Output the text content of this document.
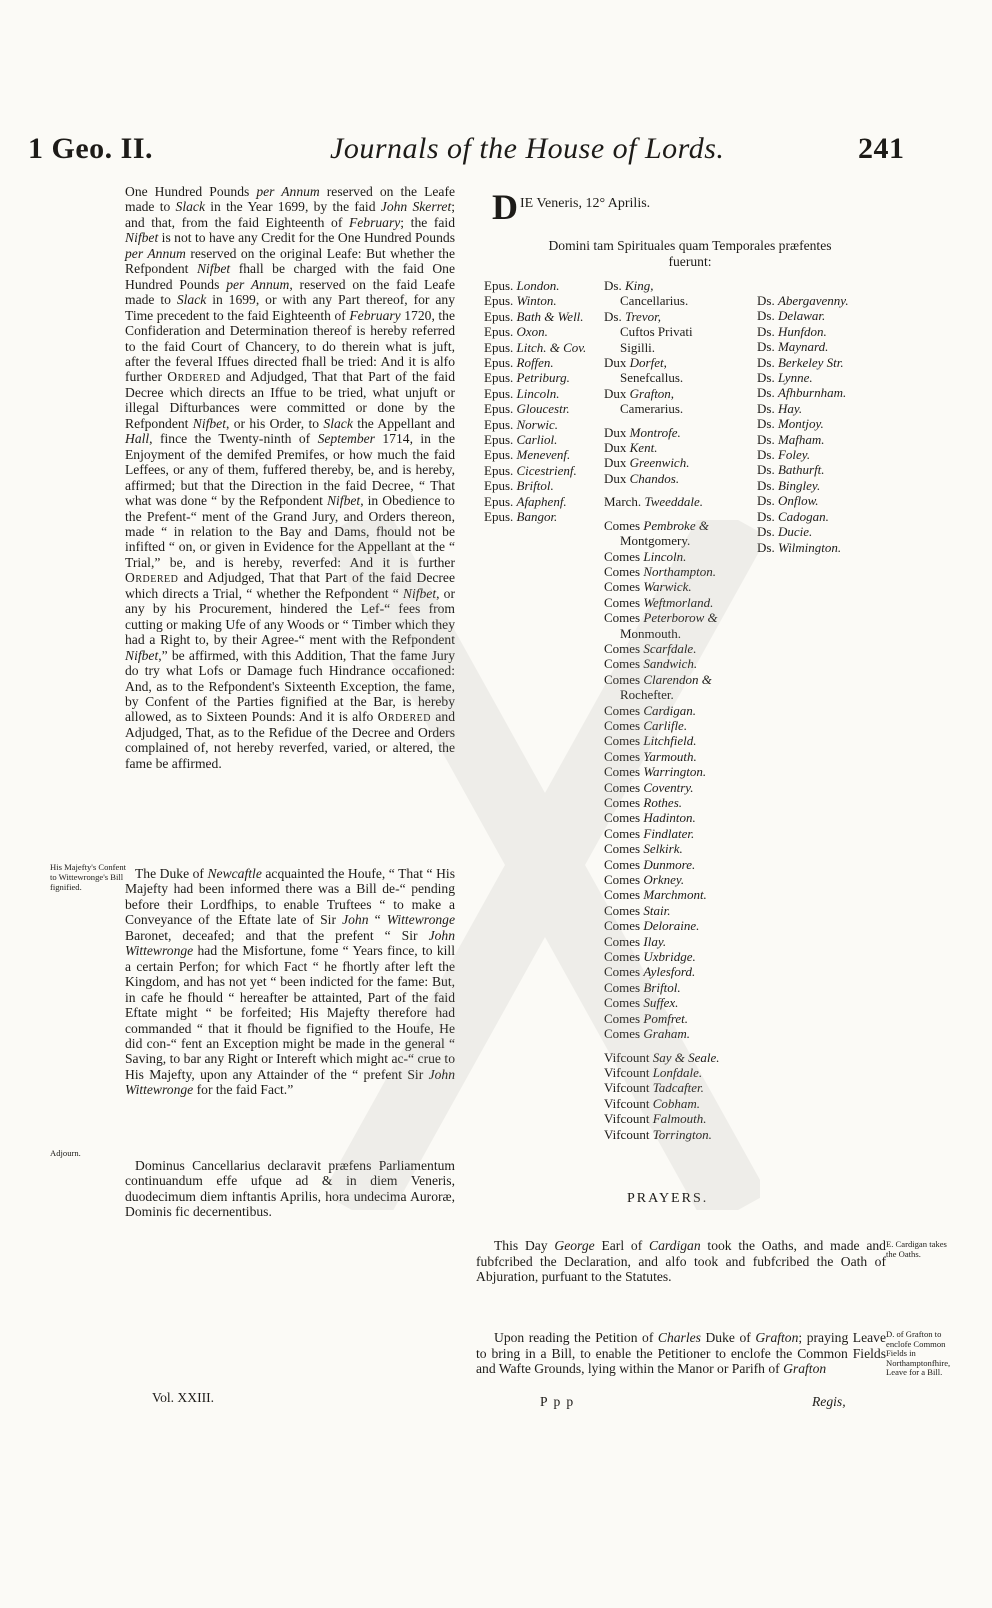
1 Geo. II.	Journals of the House of Lords.	241

One Hundred Pounds per Annum reserved on the Leafe made to Slack in the Year 1699, by the faid John Skerret; and that, from the faid Eighteenth of February; the faid Nifbet is not to have any Credit for the One Hundred Pounds per Annum reserved on the original Leafe: But whether the Refpondent Nifbet fhall be charged with the faid One Hundred Pounds per Annum, reserved on the faid Leafe made to Slack in 1699, or with any Part thereof, for any Time precedent to the faid Eighteenth of February 1720, the Confideration and Determination thereof is hereby referred to the faid Court of Chancery, to do therein what is juft, after the feveral Iffues directed fhall be tried: And it is alfo further Ordered and Adjudged, That that Part of the faid Decree which directs an Iffue to be tried, what unjuft or illegal Difturbances were committed or done by the Refpondent Nifbet, or his Order, to Slack the Appellant and Hall, fince the Twenty-ninth of September 1714, in the Enjoyment of the demifed Premifes, or how much the faid Leffees, or any of them, fuffered thereby, be, and is hereby, affirmed; but that the Direction in the faid Decree, “ That what was done “ by the Refpondent Nifbet, in Obedience to the Prefent-“ ment of the Grand Jury, and Orders thereon, made “ in relation to the Bay and Dams, fhould not be infifted “ on, or given in Evidence for the Appellant at the “ Trial,” be, and is hereby, reverfed: And it is further Ordered and Adjudged, That that Part of the faid Decree which directs a Trial, “ whether the Refpondent “ Nifbet, or any by his Procurement, hindered the Lef-“ fees from cutting or making Ufe of any Woods or “ Timber which they had a Right to, by their Agree-“ ment with the Refpondent Nifbet,” be affirmed, with this Addition, That the fame Jury do try what Lofs or Damage fuch Hindrance occafioned: And, as to the Refpondent's Sixteenth Exception, the fame, by Confent of the Parties fignified at the Bar, is hereby allowed, as to Sixteen Pounds: And it is alfo Ordered and Adjudged, That, as to the Refidue of the Decree and Orders complained of, not hereby reverfed, varied, or altered, the fame be affirmed.

His Majefty's Confent to Wittewronge's Bill fignified.

The Duke of Newcaftle acquainted the Houfe, “ That “ His Majefty had been informed there was a Bill de-“ pending before their Lordfhips, to enable Truftees “ to make a Conveyance of the Eftate late of Sir John “ Wittewronge Baronet, deceafed; and that the prefent “ Sir John Wittewronge had the Misfortune, fome “ Years fince, to kill a certain Perfon; for which Fact “ he fhortly after left the Kingdom, and has not yet “ been indicted for the fame: But, in cafe he fhould “ hereafter be attainted, Part of the faid Eftate might “ be forfeited; His Majefty therefore had commanded “ that it fhould be fignified to the Houfe, He did con-“ fent an Exception might be made in the general “ Saving, to bar any Right or Intereft which might ac-“ crue to His Majefty, upon any Attainder of the “ prefent Sir John Wittewronge for the faid Fact.”

Adjourn.

Dominus Cancellarius declaravit præfens Parliamentum continuandum effe ufque ad & in diem Veneris, duodecimum diem inftantis Aprilis, hora undecima Auroræ, Dominis fic decernentibus.

Vol. XXIII.
D IE Veneris, 12° Aprilis.
Domini tam Spirituales quam Temporales præfentes
fuerunt:
Epus. London.
Epus. Winton.
Epus. Bath & Well.
Epus. Oxon.
Epus. Litch. & Cov.
Epus. Roffen.
Epus. Petriburg.
Epus. Lincoln.
Epus. Gloucestr.
Epus. Norwic.
Epus. Carliol.
Epus. Menevenf.
Epus. Cicestrienf.
Epus. Briftol.
Epus. Afaphenf.
Epus. Bangor.
Ds. King,
Cancellarius.
Ds. Trevor,
Cuftos Privati
Sigilli.
Dux Dorfet,
Senefcallus.
Dux Grafton,
Camerarius.
Dux Montrofe.
Dux Kent.
Dux Greenwich.
Dux Chandos.
March. Tweeddale.
Comes Pembroke &
Montgomery.
Comes Lincoln.
Comes Northampton.
Comes Warwick.
Comes Weftmorland.
Comes Peterborow &
Monmouth.
Comes Scarfdale.
Comes Sandwich.
Comes Clarendon &
Rochefter.
Comes Cardigan.
Comes Carlifle.
Comes Litchfield.
Comes Yarmouth.
Comes Warrington.
Comes Coventry.
Comes Rothes.
Comes Hadinton.
Comes Findlater.
Comes Selkirk.
Comes Dunmore.
Comes Orkney.
Comes Marchmont.
Comes Stair.
Comes Deloraine.
Comes Ilay.
Comes Uxbridge.
Comes Aylesford.
Comes Briftol.
Comes Suffex.
Comes Pomfret.
Comes Graham.
Vifcount Say & Seale.
Vifcount Lonfdale.
Vifcount Tadcafter.
Vifcount Cobham.
Vifcount Falmouth.
Vifcount Torrington.
Ds. Abergavenny.
Ds. Delawar.
Ds. Hunfdon.
Ds. Maynard.
Ds. Berkeley Str.
Ds. Lynne.
Ds. Afhburnham.
Ds. Hay.
Ds. Montjoy.
Ds. Mafham.
Ds. Foley.
Ds. Bathurft.
Ds. Bingley.
Ds. Onflow.
Ds. Cadogan.
Ds. Ducie.
Ds. Wilmington.
PRAYERS.

This Day George Earl of Cardigan took the Oaths, and made and fubfcribed the Declaration, and alfo took and fubfcribed the Oath of Abjuration, purfuant to the Statutes.

E. Cardigan takes the Oaths.

Upon reading the Petition of Charles Duke of Grafton; praying Leave to bring in a Bill, to enable the Petitioner to enclofe the Common Fields and Wafte Grounds, lying within the Manor or Parifh of Grafton

D. of Grafton to enclofe Common Fields in Northamptonfhire, Leave for a Bill.
Ppp	Regis,
